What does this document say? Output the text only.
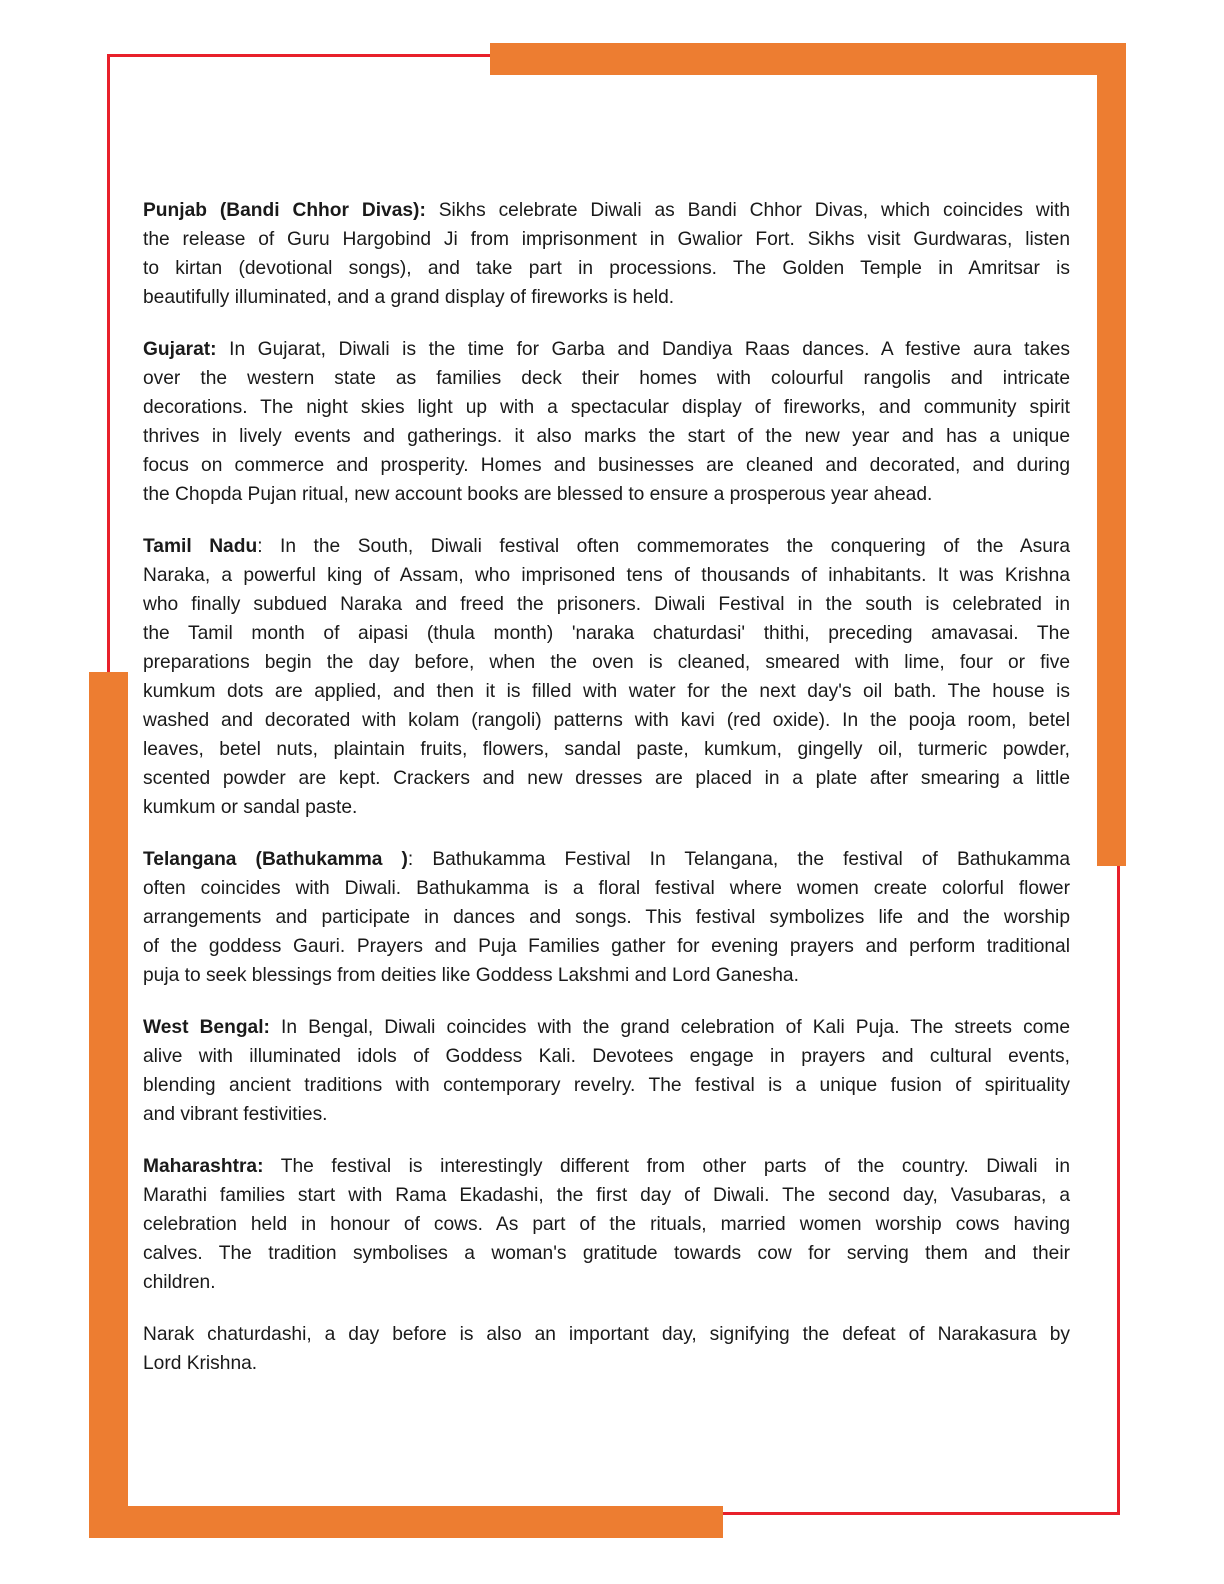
Punjab (Bandi Chhor Divas): Sikhs celebrate Diwali as Bandi Chhor Divas, which coincides with
the release of Guru Hargobind Ji from imprisonment in Gwalior Fort. Sikhs visit Gurdwaras, listen
to kirtan (devotional songs), and take part in processions. The Golden Temple in Amritsar is
beautifully illuminated, and a grand display of fireworks is held.
Gujarat: In Gujarat, Diwali is the time for Garba and Dandiya Raas dances. A festive aura takes
over the western state as families deck their homes with colourful rangolis and intricate
decorations. The night skies light up with a spectacular display of fireworks, and community spirit
thrives in lively events and gatherings. it also marks the start of the new year and has a unique
focus on commerce and prosperity. Homes and businesses are cleaned and decorated, and during
the Chopda Pujan ritual, new account books are blessed to ensure a prosperous year ahead.
Tamil Nadu: In the South, Diwali festival often commemorates the conquering of the Asura
Naraka, a powerful king of Assam, who imprisoned tens of thousands of inhabitants. It was Krishna
who finally subdued Naraka and freed the prisoners. Diwali Festival in the south is celebrated in
the Tamil month of aipasi (thula month) 'naraka chaturdasi' thithi, preceding amavasai. The
preparations begin the day before, when the oven is cleaned, smeared with lime, four or five
kumkum dots are applied, and then it is filled with water for the next day's oil bath. The house is
washed and decorated with kolam (rangoli) patterns with kavi (red oxide). In the pooja room, betel
leaves, betel nuts, plaintain fruits, flowers, sandal paste, kumkum, gingelly oil, turmeric powder,
scented powder are kept. Crackers and new dresses are placed in a plate after smearing a little
kumkum or sandal paste.
Telangana (Bathukamma ): Bathukamma Festival In Telangana, the festival of Bathukamma
often coincides with Diwali. Bathukamma is a floral festival where women create colorful flower
arrangements and participate in dances and songs. This festival symbolizes life and the worship
of the goddess Gauri. Prayers and Puja Families gather for evening prayers and perform traditional
puja to seek blessings from deities like Goddess Lakshmi and Lord Ganesha.
West Bengal: In Bengal, Diwali coincides with the grand celebration of Kali Puja. The streets come
alive with illuminated idols of Goddess Kali. Devotees engage in prayers and cultural events,
blending ancient traditions with contemporary revelry. The festival is a unique fusion of spirituality
and vibrant festivities.
Maharashtra: The festival is interestingly different from other parts of the country. Diwali in
Marathi families start with Rama Ekadashi, the first day of Diwali. The second day, Vasubaras, a
celebration held in honour of cows. As part of the rituals, married women worship cows having
calves. The tradition symbolises a woman's gratitude towards cow for serving them and their
children.
Narak chaturdashi, a day before is also an important day, signifying the defeat of Narakasura by
Lord Krishna.
